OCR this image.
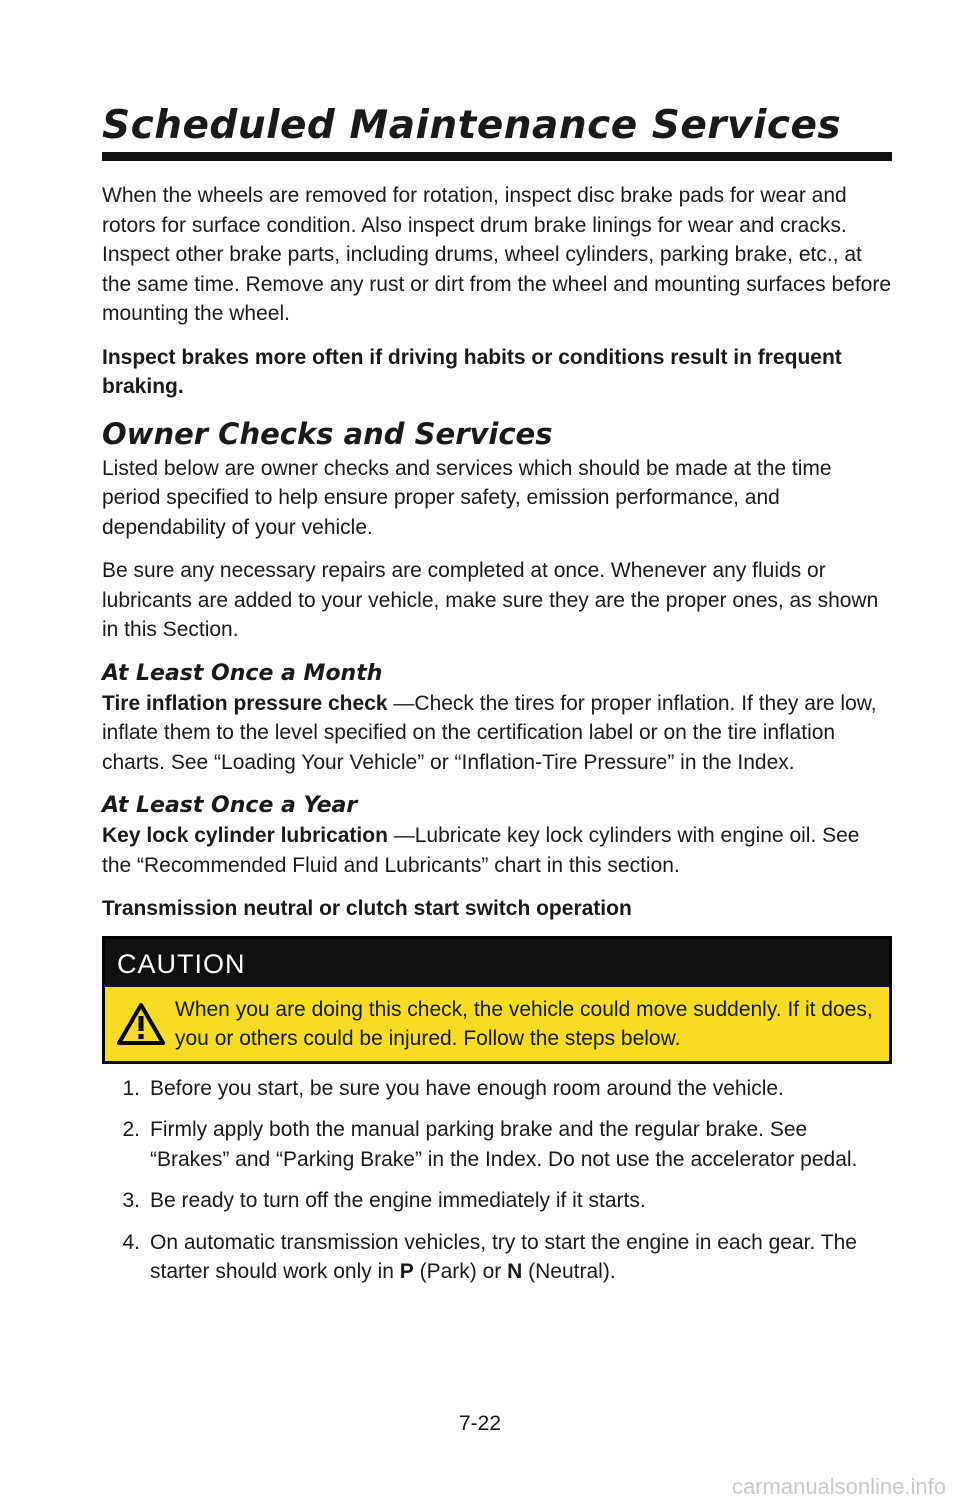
Scheduled Maintenance Services

When the wheels are removed for rotation, inspect disc brake pads for wear and rotors for surface condition. Also inspect drum brake linings for wear and cracks. Inspect other brake parts, including drums, wheel cylinders, parking brake, etc., at the same time. Remove any rust or dirt from the wheel and mounting surfaces before mounting the wheel.

Inspect brakes more often if driving habits or conditions result in frequent braking.

Owner Checks and Services

Listed below are owner checks and services which should be made at the time period specified to help ensure proper safety, emission performance, and dependability of your vehicle.

Be sure any necessary repairs are completed at once. Whenever any fluids or lubricants are added to your vehicle, make sure they are the proper ones, as shown in this Section.

At Least Once a Month

Tire inflation pressure check —Check the tires for proper inflation. If they are low, inflate them to the level specified on the certification label or on the tire inflation charts. See “Loading Your Vehicle” or “Inflation-Tire Pressure” in the Index.

At Least Once a Year

Key lock cylinder lubrication —Lubricate key lock cylinders with engine oil. See the “Recommended Fluid and Lubricants” chart in this section.

Transmission neutral or clutch start switch operation

CAUTION
When you are doing this check, the vehicle could move suddenly. If it does, you or others could be injured. Follow the steps below.
1. Before you start, be sure you have enough room around the vehicle.
2. Firmly apply both the manual parking brake and the regular brake. See “Brakes” and “Parking Brake” in the Index. Do not use the accelerator pedal.
3. Be ready to turn off the engine immediately if it starts.
4. On automatic transmission vehicles, try to start the engine in each gear. The starter should work only in P (Park) or N (Neutral).
7-22
carmanualsonline.info
